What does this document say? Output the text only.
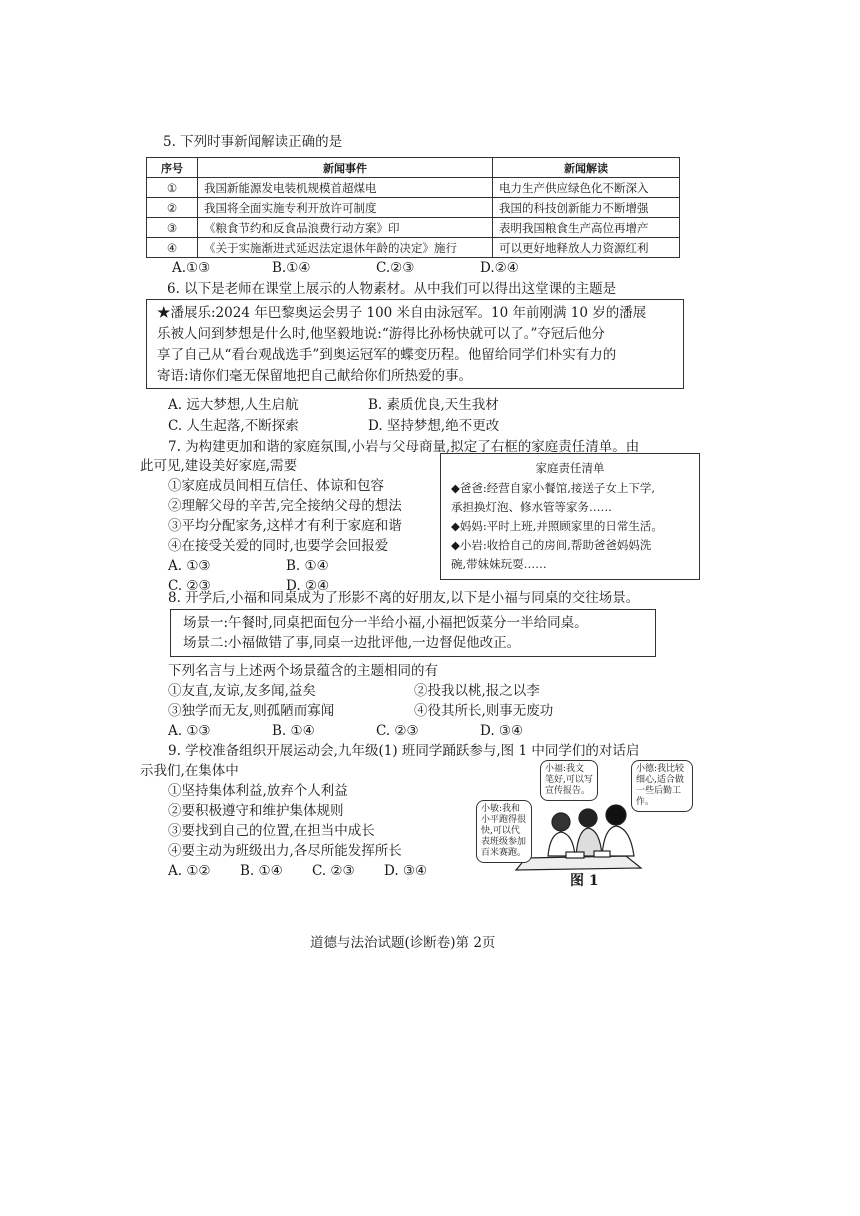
5. 下列时事新闻解读正确的是
序号	新闻事件	新闻解读
①	我国新能源发电装机规模首超煤电	电力生产供应绿色化不断深入
②	我国将全面实施专利开放许可制度	我国的科技创新能力不断增强
③	《粮食节约和反食品浪费行动方案》印	表明我国粮食生产高位再增产
④	《关于实施渐进式延迟法定退休年龄的决定》施行	可以更好地释放人力资源红利
A.①③	B.①④	C.②③	D.②④
6. 以下是老师在课堂上展示的人物素材。从中我们可以得出这堂课的主题是
★潘展乐:2024 年巴黎奥运会男子 100 米自由泳冠军。10 年前刚满 10 岁的潘展
乐被人问到梦想是什么时,他坚毅地说:“游得比孙杨快就可以了。”夺冠后他分
享了自己从“看台观战选手”到奥运冠军的蝶变历程。他留给同学们朴实有力的
寄语:请你们毫无保留地把自己献给你们所热爱的事。
A. 远大梦想,人生启航	B. 素质优良,天生我材
C. 人生起落,不断探索	D. 坚持梦想,绝不更改
7. 为构建更加和谐的家庭氛围,小岩与父母商量,拟定了右框的家庭责任清单。由
此可见,建设美好家庭,需要
①家庭成员间相互信任、体谅和包容
②理解父母的辛苦,完全接纳父母的想法
③平均分配家务,这样才有利于家庭和谐
④在接受关爱的同时,也要学会回报爱
A. ①③	B. ①④
C. ②③	D. ②④
家庭责任清单
◆爸爸:经营自家小餐馆,接送子女上下学,
承担换灯泡、修水管等家务……
◆妈妈:平时上班,并照顾家里的日常生活。
◆小岩:收拾自己的房间,帮助爸爸妈妈洗
碗,带妹妹玩耍……
8. 开学后,小福和同桌成为了形影不离的好朋友,以下是小福与同桌的交往场景。
场景一:午餐时,同桌把面包分一半给小福,小福把饭菜分一半给同桌。
场景二:小福做错了事,同桌一边批评他,一边督促他改正。
下列名言与上述两个场景蕴含的主题相同的有
①友直,友谅,友多闻,益矣	②投我以桃,报之以李
③独学而无友,则孤陋而寡闻	④役其所长,则事无废功
A. ①③	B. ①④	C. ②③	D. ③④
9. 学校准备组织开展运动会,九年级(1) 班同学踊跃参与,图 1 中同学们的对话启
示我们,在集体中
①坚持集体利益,放弃个人利益
②要积极遵守和维护集体规则
③要找到自己的位置,在担当中成长
④要主动为班级出力,各尽所能发挥所长
A. ①② B. ①④ C. ②③ D. ③④
小福:我文笔好,可以写宣传报告。
小德:我比较细心,适合做一些后勤工作。
小敏:我和小平跑得很快,可以代表班级参加百米赛跑。
图 1
道德与法治试题(诊断卷)第 2页
